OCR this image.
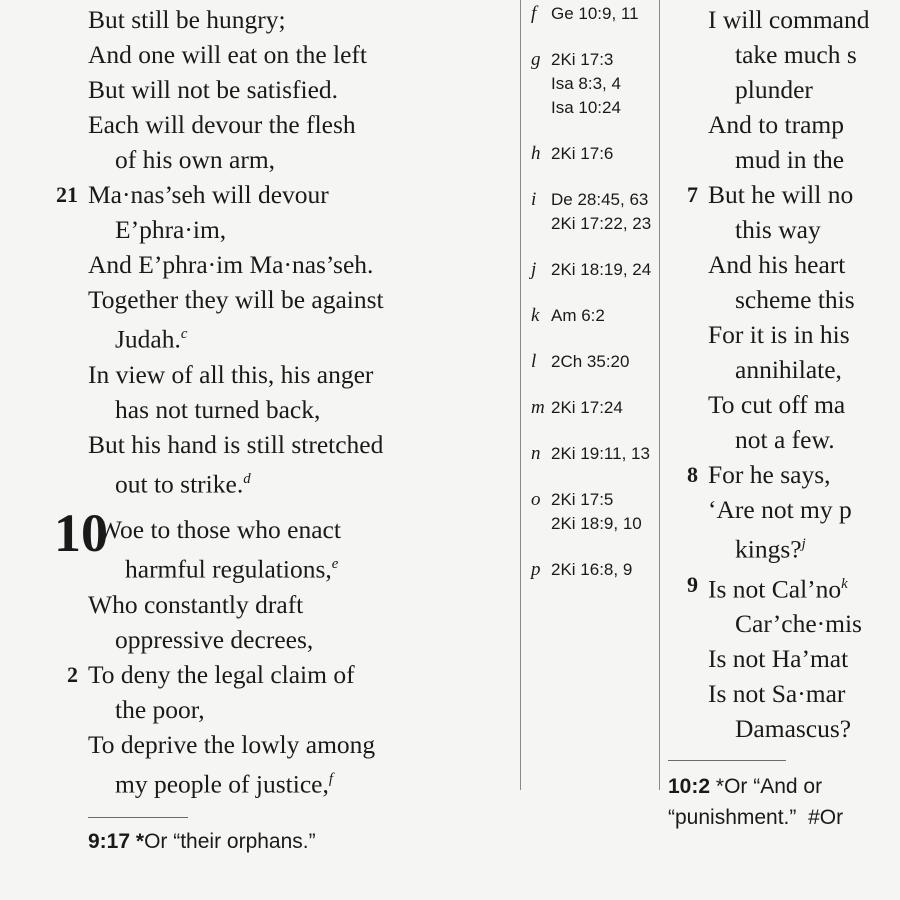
But still be hungry;
And one will eat on the left
But will not be satisfied.
Each will devour the flesh
of his own arm,
21 Ma·nas’seh will devour
E’phra·im,
And E’phra·im Ma·nas’seh.
Together they will be against
Judah.$^c$
In view of all this, his anger
has not turned back,
But his hand is still stretched
out to strike.$^d$
10
Woe to those who enact
harmful regulations,$^e$
Who constantly draft
oppressive decrees,
2 To deny the legal claim of
the poor,
To deprive the lowly among
my people of justice,$^f$
9:17 *Or “their orphans.”
f Ge 10:9, 11
g 2Ki 17:3
Isa 8:3, 4
Isa 10:24
h 2Ki 17:6
i De 28:45, 63
2Ki 17:22, 23
j 2Ki 18:19, 24
k Am 6:2
l 2Ch 35:20
m 2Ki 17:24
n 2Ki 19:11, 13
o 2Ki 17:5
2Ki 18:9, 10
p 2Ki 16:8, 9
I will command
take much s
plunder
And to tramp
mud in the
7 But he will no
this way
And his heart
scheme this
For it is in his
annihilate,
To cut off ma
not a few.
8 For he says,
‘Are not my p
kings?$^j$
9 Is not $Cal’no^k$
Car’che·mis
Is not Ha’mat
Is not Sa·mar
Damascus?
10:2 *Or “And or
“punishment.” #Or
